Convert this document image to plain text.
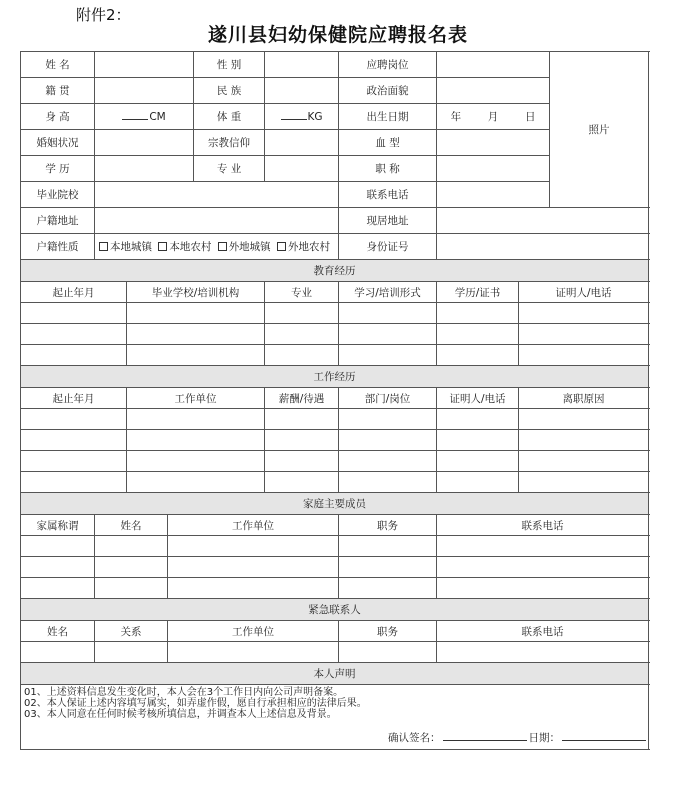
附件2：
遂川县妇幼保健院应聘报名表
姓 名				性 别		应聘岗位			照片
籍 贯				民 族		政治面貌			
身 高	CM			体 重	KG	出生日期	年 月 日		
婚姻状况				宗教信仰		血 型			
学 历				专 业		职 称			
毕业院校						联系电话			
户籍地址						现居地址			
户籍性质	本地城镇 本地农村 外地城镇 外地农村					身份证号			
教育经历									
起止年月		毕业学校/培训机构			专业	学习/培训形式	学历/证书	证明人/电话	

工作经历									
起止年月		工作单位			薪酬/待遇	部门/岗位	证明人/电话	离职原因	

家庭主要成员									
家属称谓	姓名		工作单位			职务	联系电话		

紧急联系人									
姓名	关系		工作单位			职务	联系电话		

本人声明									

01、上述资料信息发生变化时，本人会在3个工作日内向公司声明备案。
02、本人保证上述内容填写属实，如弄虚作假，愿自行承担相应的法律后果。
03、本人同意在任何时候考核所填信息，并调查本人上述信息及背景。
确认签名： 日期：									
